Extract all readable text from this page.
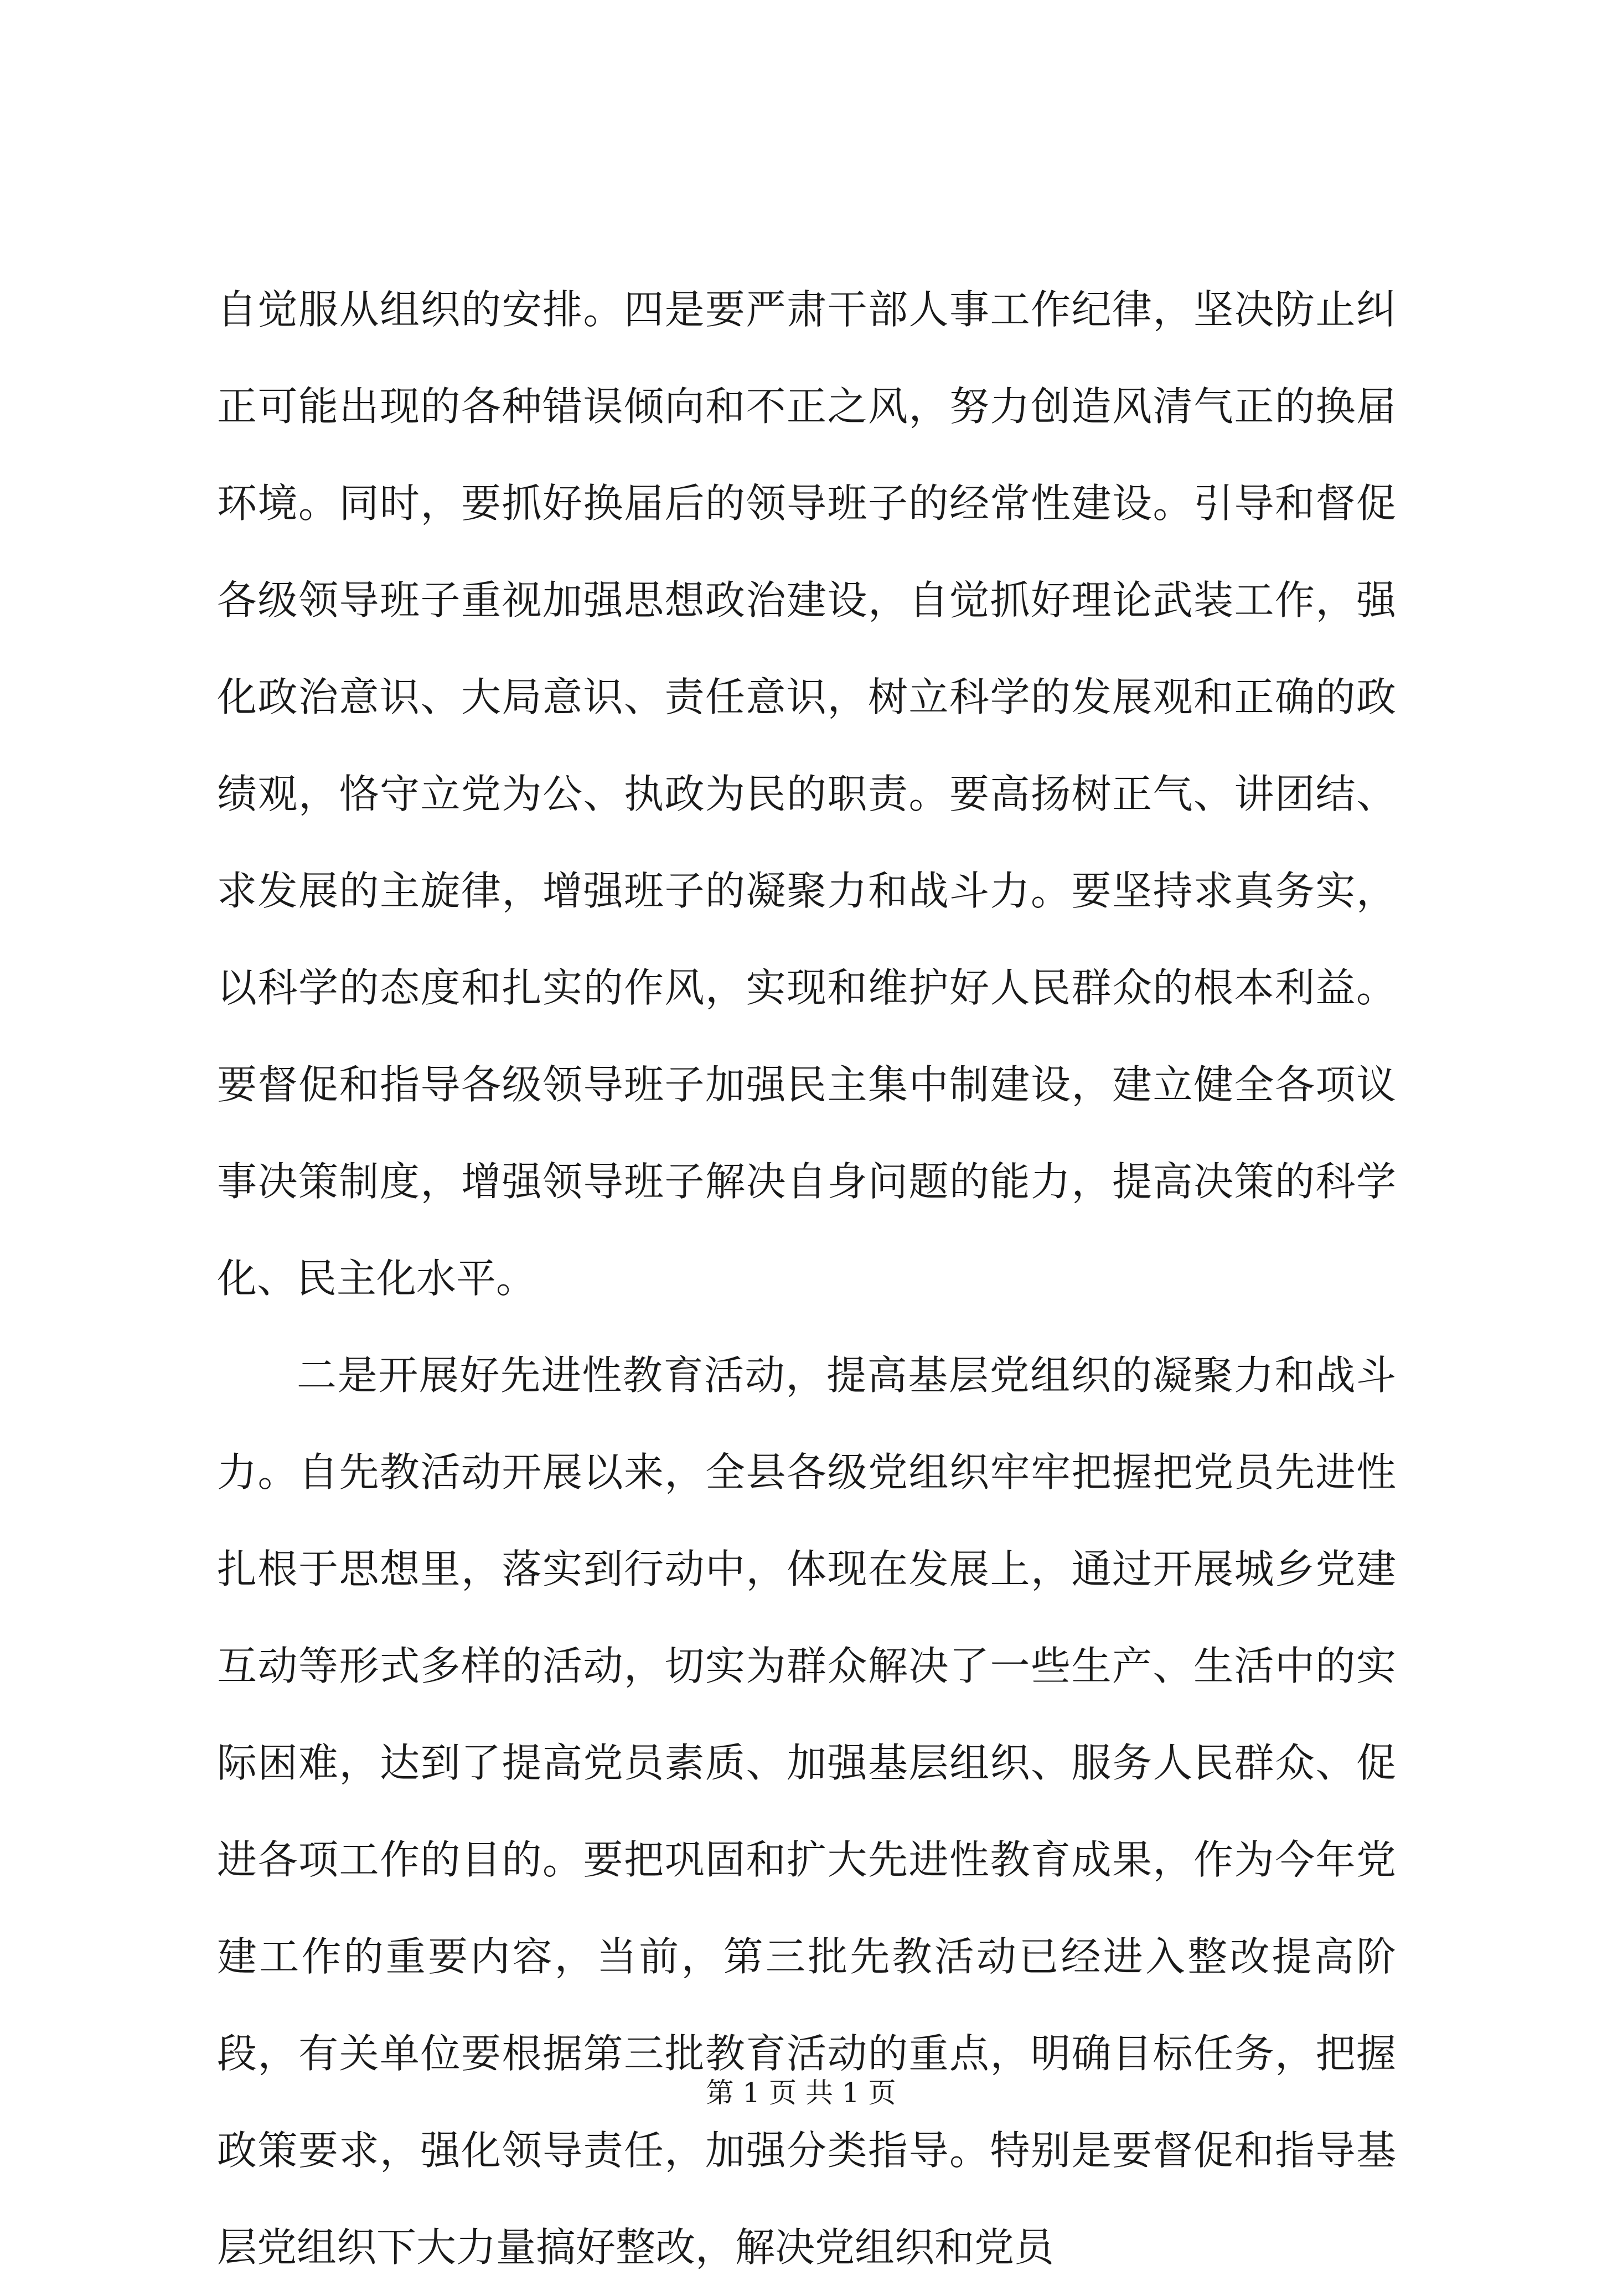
自觉服从组织的安排。四是要严肃干部人事工作纪律，坚决防止纠正可能出现的各种错误倾向和不正之风，努力创造风清气正的换届环境。同时，要抓好换届后的领导班子的经常性建设。引导和督促各级领导班子重视加强思想政治建设，自觉抓好理论武装工作，强化政治意识、大局意识、责任意识，树立科学的发展观和正确的政绩观，恪守立党为公、执政为民的职责。要高扬树正气、讲团结、求发展的主旋律，增强班子的凝聚力和战斗力。要坚持求真务实，以科学的态度和扎实的作风，实现和维护好人民群众的根本利益。要督促和指导各级领导班子加强民主集中制建设，建立健全各项议事决策制度，增强领导班子解决自身问题的能力，提高决策的科学化、民主化水平。

二是开展好先进性教育活动，提高基层党组织的凝聚力和战斗力。自先教活动开展以来，全县各级党组织牢牢把握把党员先进性扎根于思想里，落实到行动中，体现在发展上，通过开展城乡党建互动等形式多样的活动，切实为群众解决了一些生产、生活中的实际困难，达到了提高党员素质、加强基层组织、服务人民群众、促进各项工作的目的。要把巩固和扩大先进性教育成果，作为今年党建工作的重要内容，当前，第三批先教活动已经进入整改提高阶段，有关单位要根据第三批教育活动的重点，明确目标任务，把握政策要求，强化领导责任，加强分类指导。特别是要督促和指导基层党组织下大力量搞好整改，解决党组织和党员

第 1 页 共 1 页
